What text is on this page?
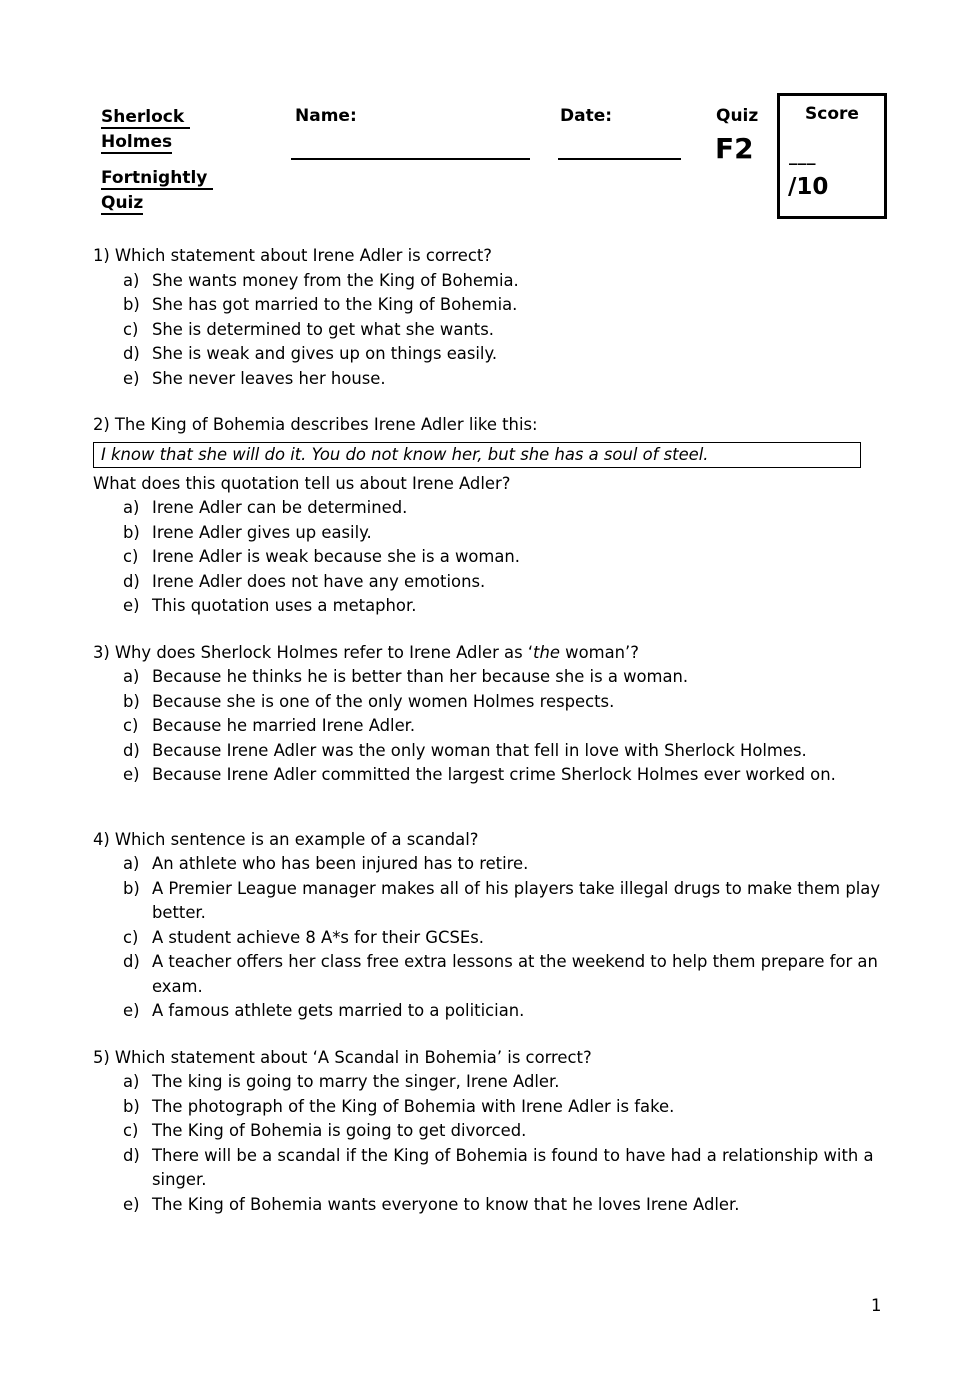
Sherlock
Holmes
Fortnightly
Quiz
Name:	Date:	Quiz
F2
Score
___
/10
1) Which statement about Irene Adler is correct?
a) She wants money from the King of Bohemia.
b) She has got married to the King of Bohemia.
c) She is determined to get what she wants.
d) She is weak and gives up on things easily.
e) She never leaves her house.
2) The King of Bohemia describes Irene Adler like this:
I know that she will do it. You do not know her, but she has a soul of steel.
What does this quotation tell us about Irene Adler?
a) Irene Adler can be determined.
b) Irene Adler gives up easily.
c) Irene Adler is weak because she is a woman.
d) Irene Adler does not have any emotions.
e) This quotation uses a metaphor.
3) Why does Sherlock Holmes refer to Irene Adler as ‘the woman’?
a) Because he thinks he is better than her because she is a woman.
b) Because she is one of the only women Holmes respects.
c) Because he married Irene Adler.
d) Because Irene Adler was the only woman that fell in love with Sherlock Holmes.
e) Because Irene Adler committed the largest crime Sherlock Holmes ever worked on.
4) Which sentence is an example of a scandal?
a) An athlete who has been injured has to retire.
b) A Premier League manager makes all of his players take illegal drugs to make them play better.
c) A student achieve 8 A*s for their GCSEs.
d) A teacher offers her class free extra lessons at the weekend to help them prepare for an exam.
e) A famous athlete gets married to a politician.
5) Which statement about ‘A Scandal in Bohemia’ is correct?
a) The king is going to marry the singer, Irene Adler.
b) The photograph of the King of Bohemia with Irene Adler is fake.
c) The King of Bohemia is going to get divorced.
d) There will be a scandal if the King of Bohemia is found to have had a relationship with a singer.
e) The King of Bohemia wants everyone to know that he loves Irene Adler.
1
